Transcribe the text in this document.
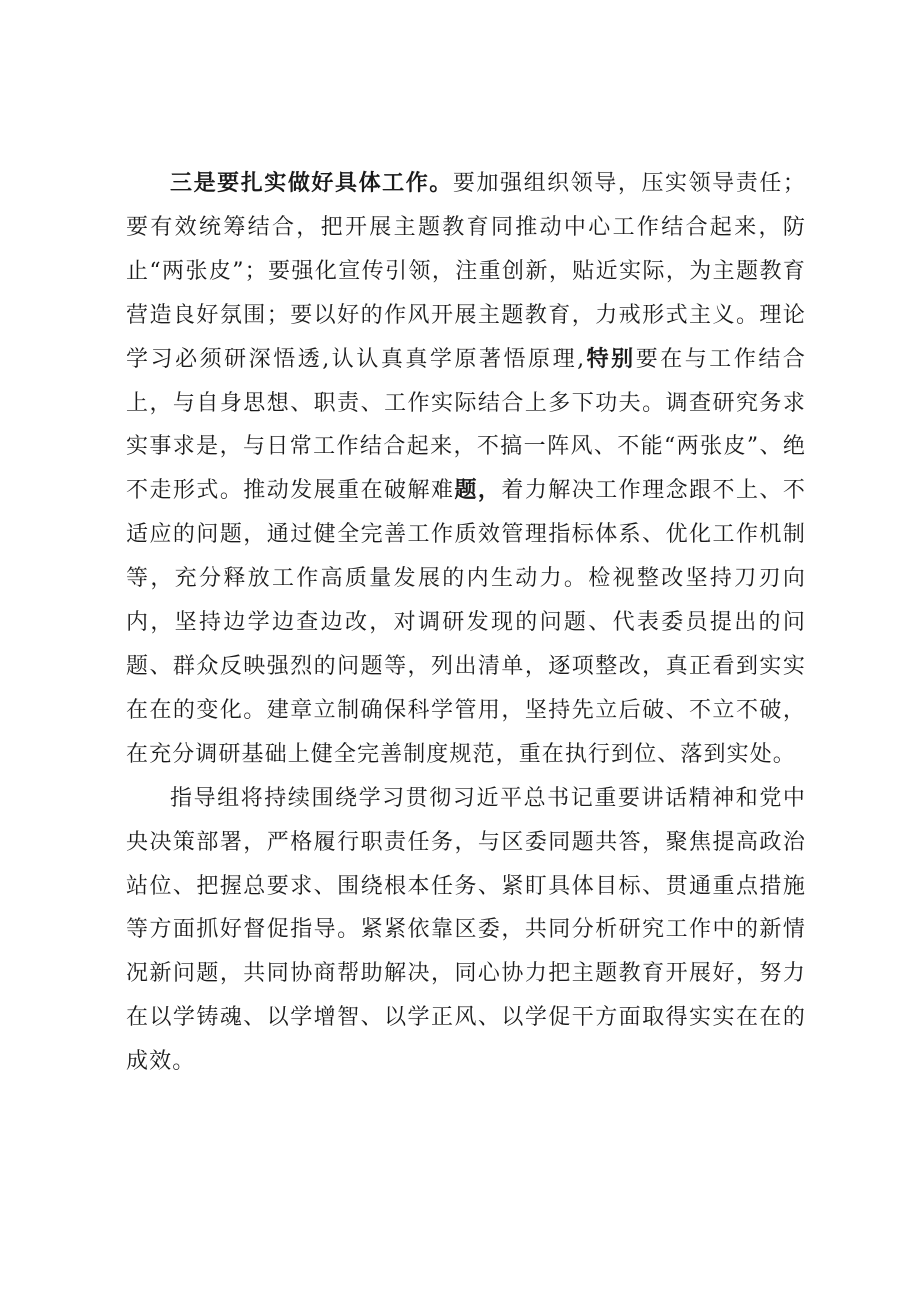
三是要扎实做好具体工作。要加强组织领导，压实领导责任；要有效统筹结合，把开展主题教育同推动中心工作结合起来，防止“两张皮”；要强化宣传引领，注重创新，贴近实际，为主题教育营造良好氛围；要以好的作风开展主题教育，力戒形式主义。理论学习必须研深悟透,认认真真学原著悟原理,特别要在与工作结合上，与自身思想、职责、工作实际结合上多下功夫。调查研究务求实事求是，与日常工作结合起来，不搞一阵风、不能“两张皮”、绝不走形式。推动发展重在破解难题，着力解决工作理念跟不上、不适应的问题，通过健全完善工作质效管理指标体系、优化工作机制等，充分释放工作高质量发展的内生动力。检视整改坚持刀刃向内，坚持边学边查边改，对调研发现的问题、代表委员提出的问题、群众反映强烈的问题等，列出清单，逐项整改，真正看到实实在在的变化。建章立制确保科学管用，坚持先立后破、不立不破，在充分调研基础上健全完善制度规范，重在执行到位、落到实处。

指导组将持续围绕学习贯彻习近平总书记重要讲话精神和党中央决策部署，严格履行职责任务，与区委同题共答，聚焦提高政治站位、把握总要求、围绕根本任务、紧盯具体目标、贯通重点措施等方面抓好督促指导。紧紧依靠区委，共同分析研究工作中的新情况新问题，共同协商帮助解决，同心协力把主题教育开展好，努力在以学铸魂、以学增智、以学正风、以学促干方面取得实实在在的成效。
